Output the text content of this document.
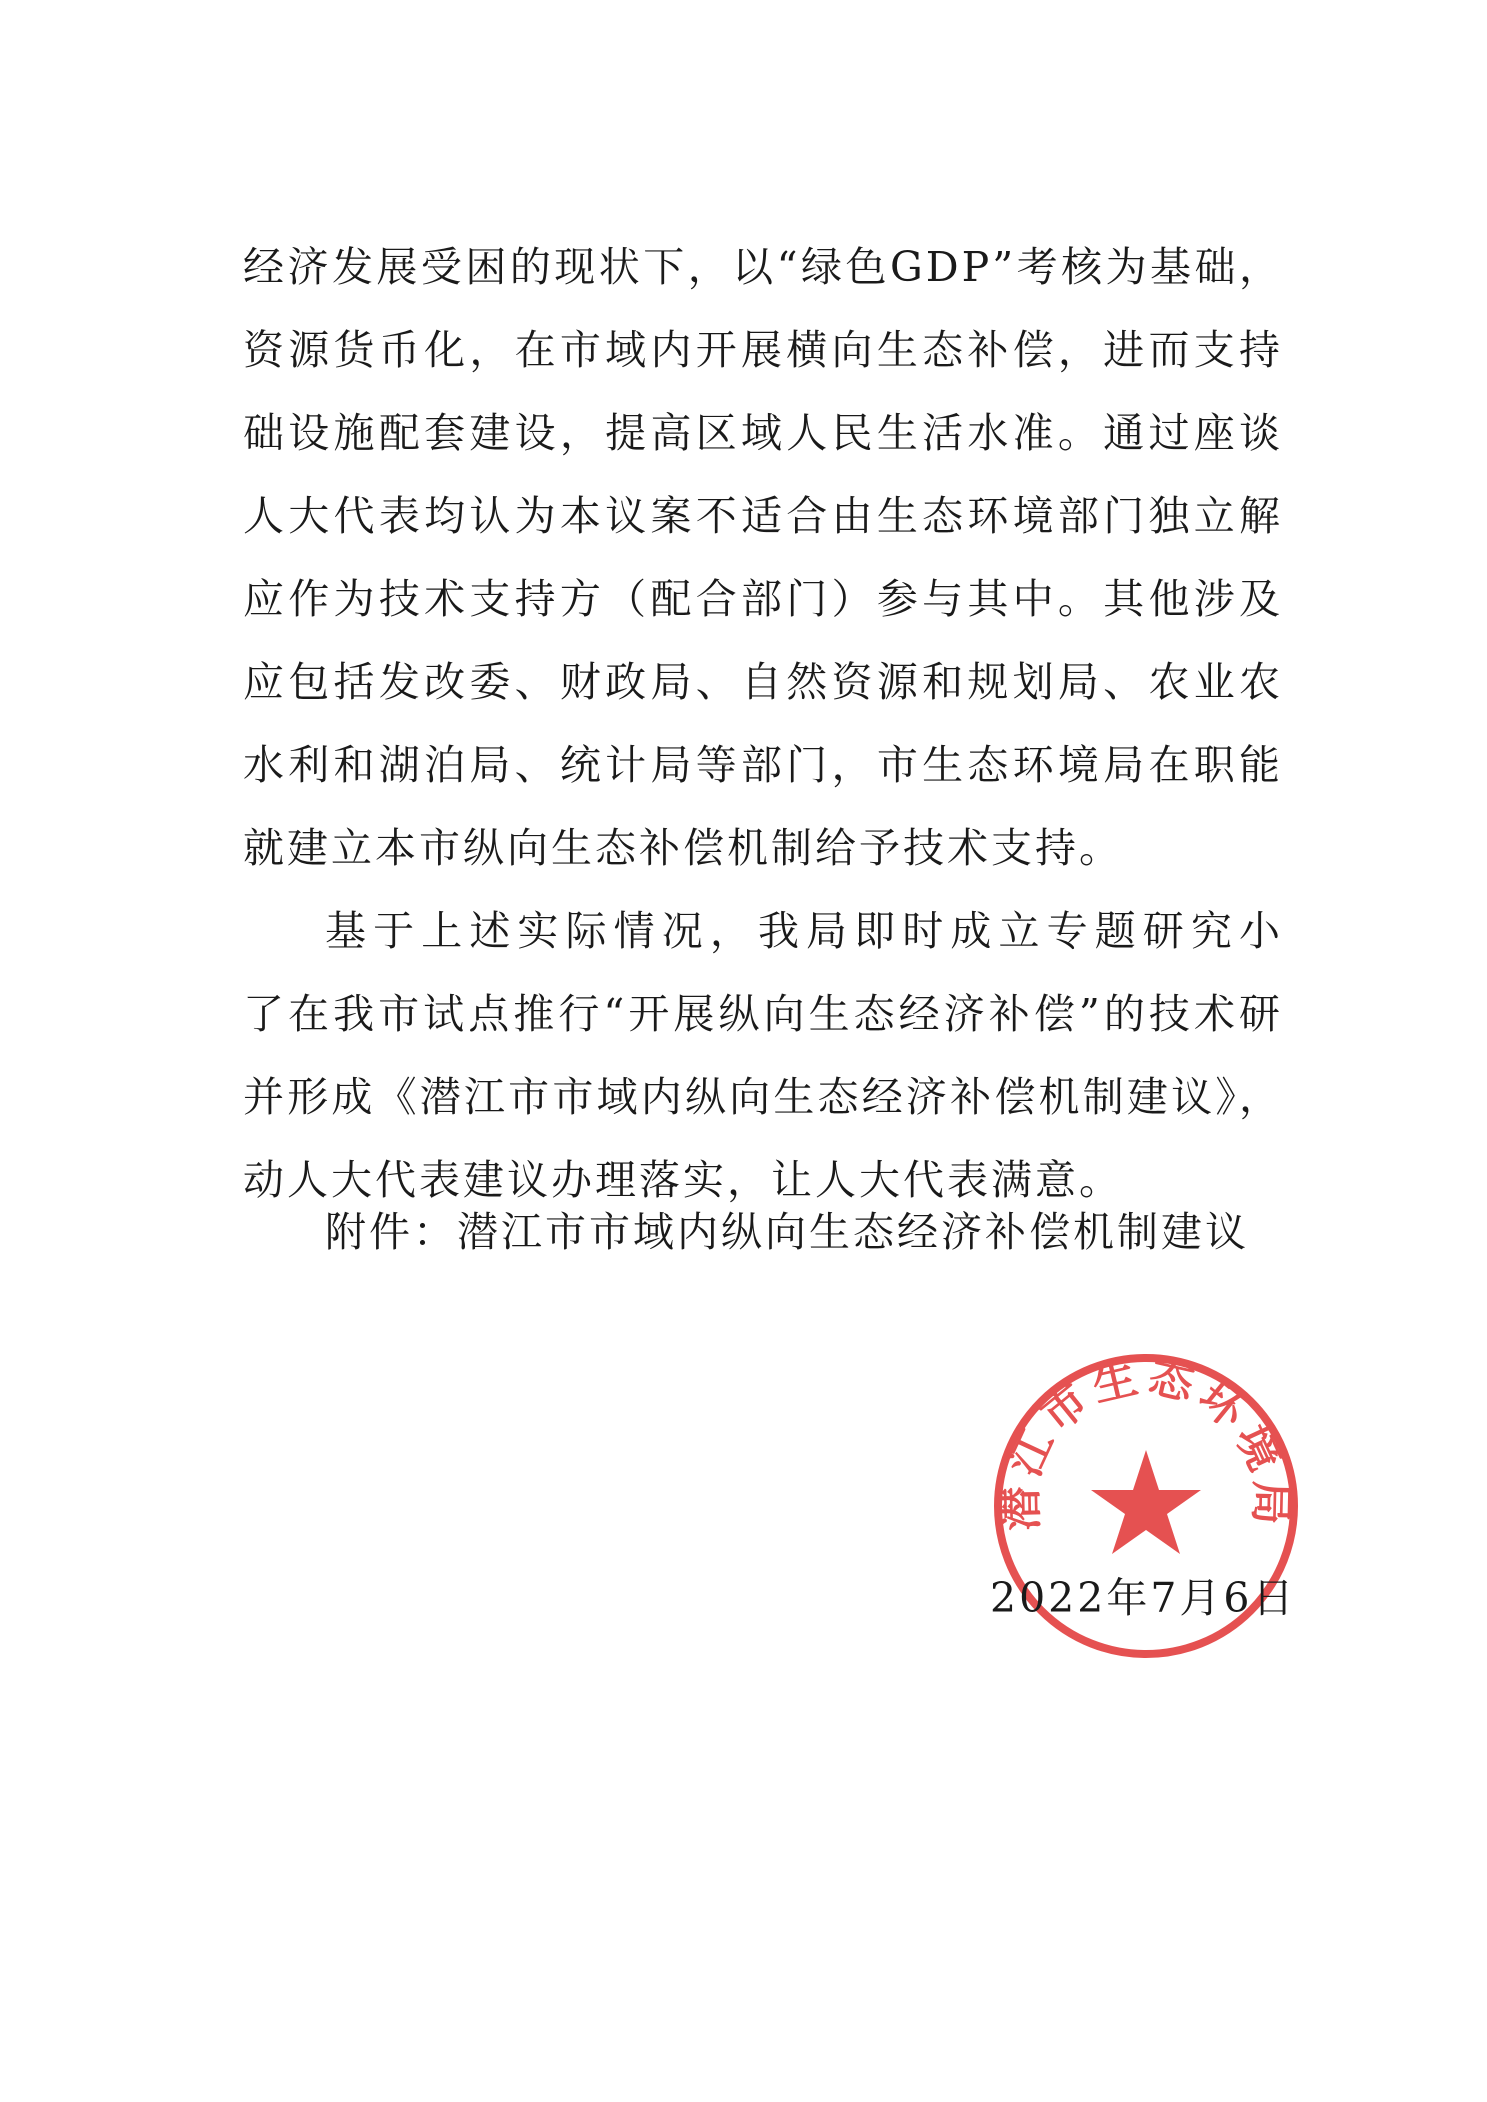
经济发展受困的现状下，以“绿色GDP”考核为基础，
资源货币化，在市域内开展横向生态补偿，进而支持
础设施配套建设，提高区域人民生活水准。通过座谈
人大代表均认为本议案不适合由生态环境部门独立解
应作为技术支持方（配合部门）参与其中。其他涉及
应包括发改委、财政局、自然资源和规划局、农业农
水利和湖泊局、统计局等部门，市生态环境局在职能
就建立本市纵向生态补偿机制给予技术支持。
基于上述实际情况，我局即时成立专题研究小
了在我市试点推行“开展纵向生态经济补偿”的技术研
并形成《潜江市市域内纵向生态经济补偿机制建议》，
动人大代表建议办理落实，让人大代表满意。
附件：潜江市市域内纵向生态经济补偿机制建议
潜江市生态环境局
2022年7月6日
